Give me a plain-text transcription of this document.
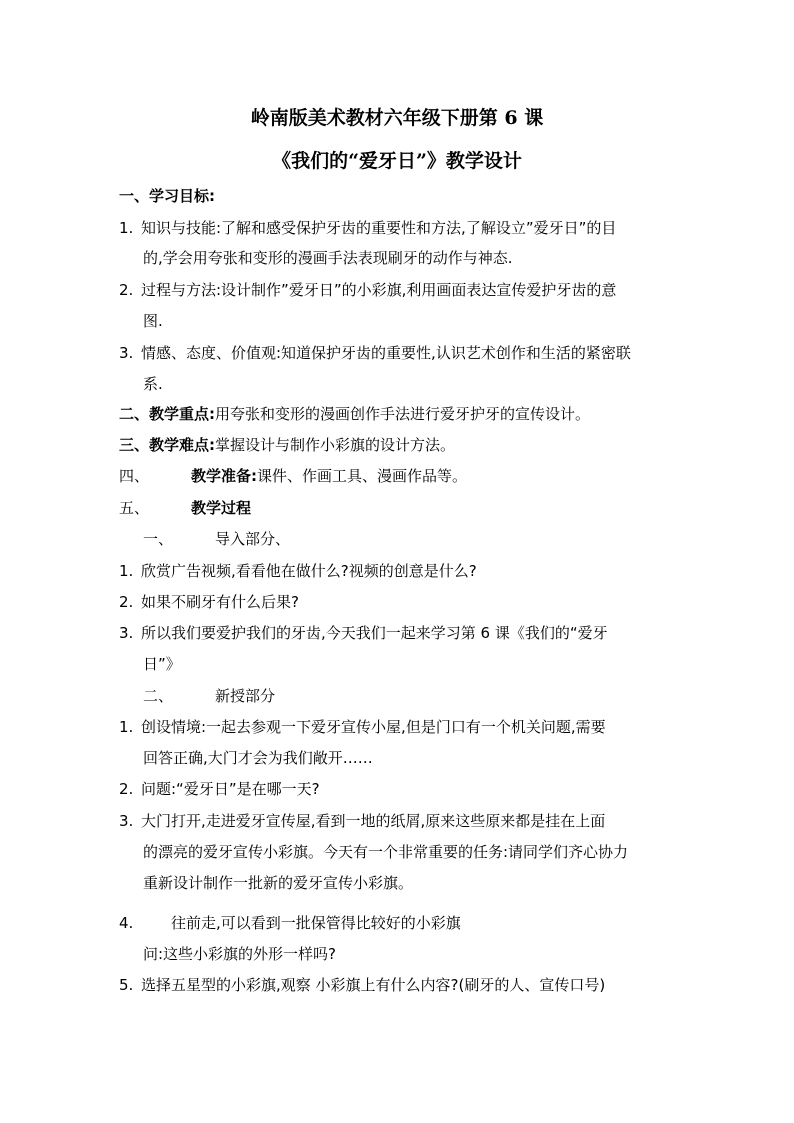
岭南版美术教材六年级下册第 6 课
《我们的“爱牙日”》教学设计
一、学习目标:
1. 知识与技能:了解和感受保护牙齿的重要性和方法,了解设立”爱牙日”的目
的,学会用夸张和变形的漫画手法表现刷牙的动作与神态.
2. 过程与方法:设计制作”爱牙日”的小彩旗,利用画面表达宣传爱护牙齿的意
图.
3. 情感、态度、价值观:知道保护牙齿的重要性,认识艺术创作和生活的紧密联
系.
二、教学重点:用夸张和变形的漫画创作手法进行爱牙护牙的宣传设计。
三、教学难点:掌握设计与制作小彩旗的设计方法。
四、	教学准备:课件、作画工具、漫画作品等。
五、	教学过程
一、	导入部分、
1. 欣赏广告视频,看看他在做什么?视频的创意是什么?
2. 如果不刷牙有什么后果?
3. 所以我们要爱护我们的牙齿,今天我们一起来学习第 6 课《我们的“爱牙
日”》
二、	新授部分
1. 创设情境:一起去参观一下爱牙宣传小屋,但是门口有一个机关问题,需要
回答正确,大门才会为我们敞开……
2. 问题:“爱牙日”是在哪一天?
3. 大门打开,走进爱牙宣传屋,看到一地的纸屑,原来这些原来都是挂在上面
的漂亮的爱牙宣传小彩旗。今天有一个非常重要的任务:请同学们齐心协力
重新设计制作一批新的爱牙宣传小彩旗。
4.	往前走,可以看到一批保管得比较好的小彩旗
问:这些小彩旗的外形一样吗?
5. 选择五星型的小彩旗,观察 小彩旗上有什么内容?(刷牙的人、宣传口号)
